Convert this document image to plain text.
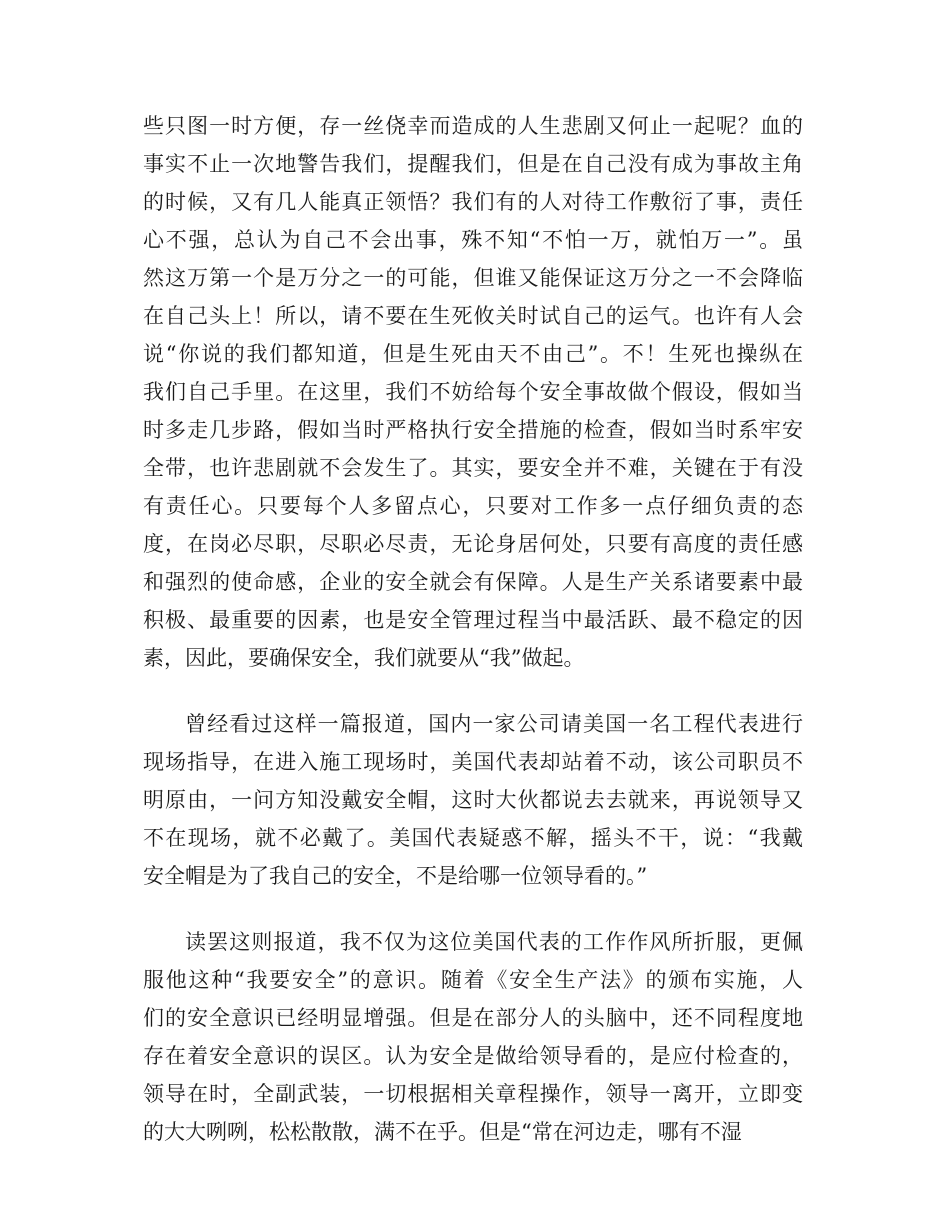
些只图一时方便，存一丝侥幸而造成的人生悲剧又何止一起呢？血的
事实不止一次地警告我们，提醒我们，但是在自己没有成为事故主角
的时候，又有几人能真正领悟？我们有的人对待工作敷衍了事，责任
心不强，总认为自己不会出事，殊不知“不怕一万，就怕万一”。虽
然这万第一个是万分之一的可能，但谁又能保证这万分之一不会降临
在自己头上！所以，请不要在生死攸关时试自己的运气。也许有人会
说“你说的我们都知道，但是生死由天不由己”。不！生死也操纵在
我们自己手里。在这里，我们不妨给每个安全事故做个假设，假如当
时多走几步路，假如当时严格执行安全措施的检查，假如当时系牢安
全带，也许悲剧就不会发生了。其实，要安全并不难，关键在于有没
有责任心。只要每个人多留点心，只要对工作多一点仔细负责的态
度，在岗必尽职，尽职必尽责，无论身居何处，只要有高度的责任感
和强烈的使命感，企业的安全就会有保障。人是生产关系诸要素中最
积极、最重要的因素，也是安全管理过程当中最活跃、最不稳定的因
素，因此，要确保安全，我们就要从“我”做起。
曾经看过这样一篇报道，国内一家公司请美国一名工程代表进行
现场指导，在进入施工现场时，美国代表却站着不动，该公司职员不
明原由，一问方知没戴安全帽，这时大伙都说去去就来，再说领导又
不在现场，就不必戴了。美国代表疑惑不解，摇头不干，说：“我戴
安全帽是为了我自己的安全，不是给哪一位领导看的。”
读罢这则报道，我不仅为这位美国代表的工作作风所折服，更佩
服他这种“我要安全”的意识。随着《安全生产法》的颁布实施，人
们的安全意识已经明显增强。但是在部分人的头脑中，还不同程度地
存在着安全意识的误区。认为安全是做给领导看的，是应付检查的，
领导在时，全副武装，一切根据相关章程操作，领导一离开，立即变
的大大咧咧，松松散散，满不在乎。但是“常在河边走，哪有不湿
